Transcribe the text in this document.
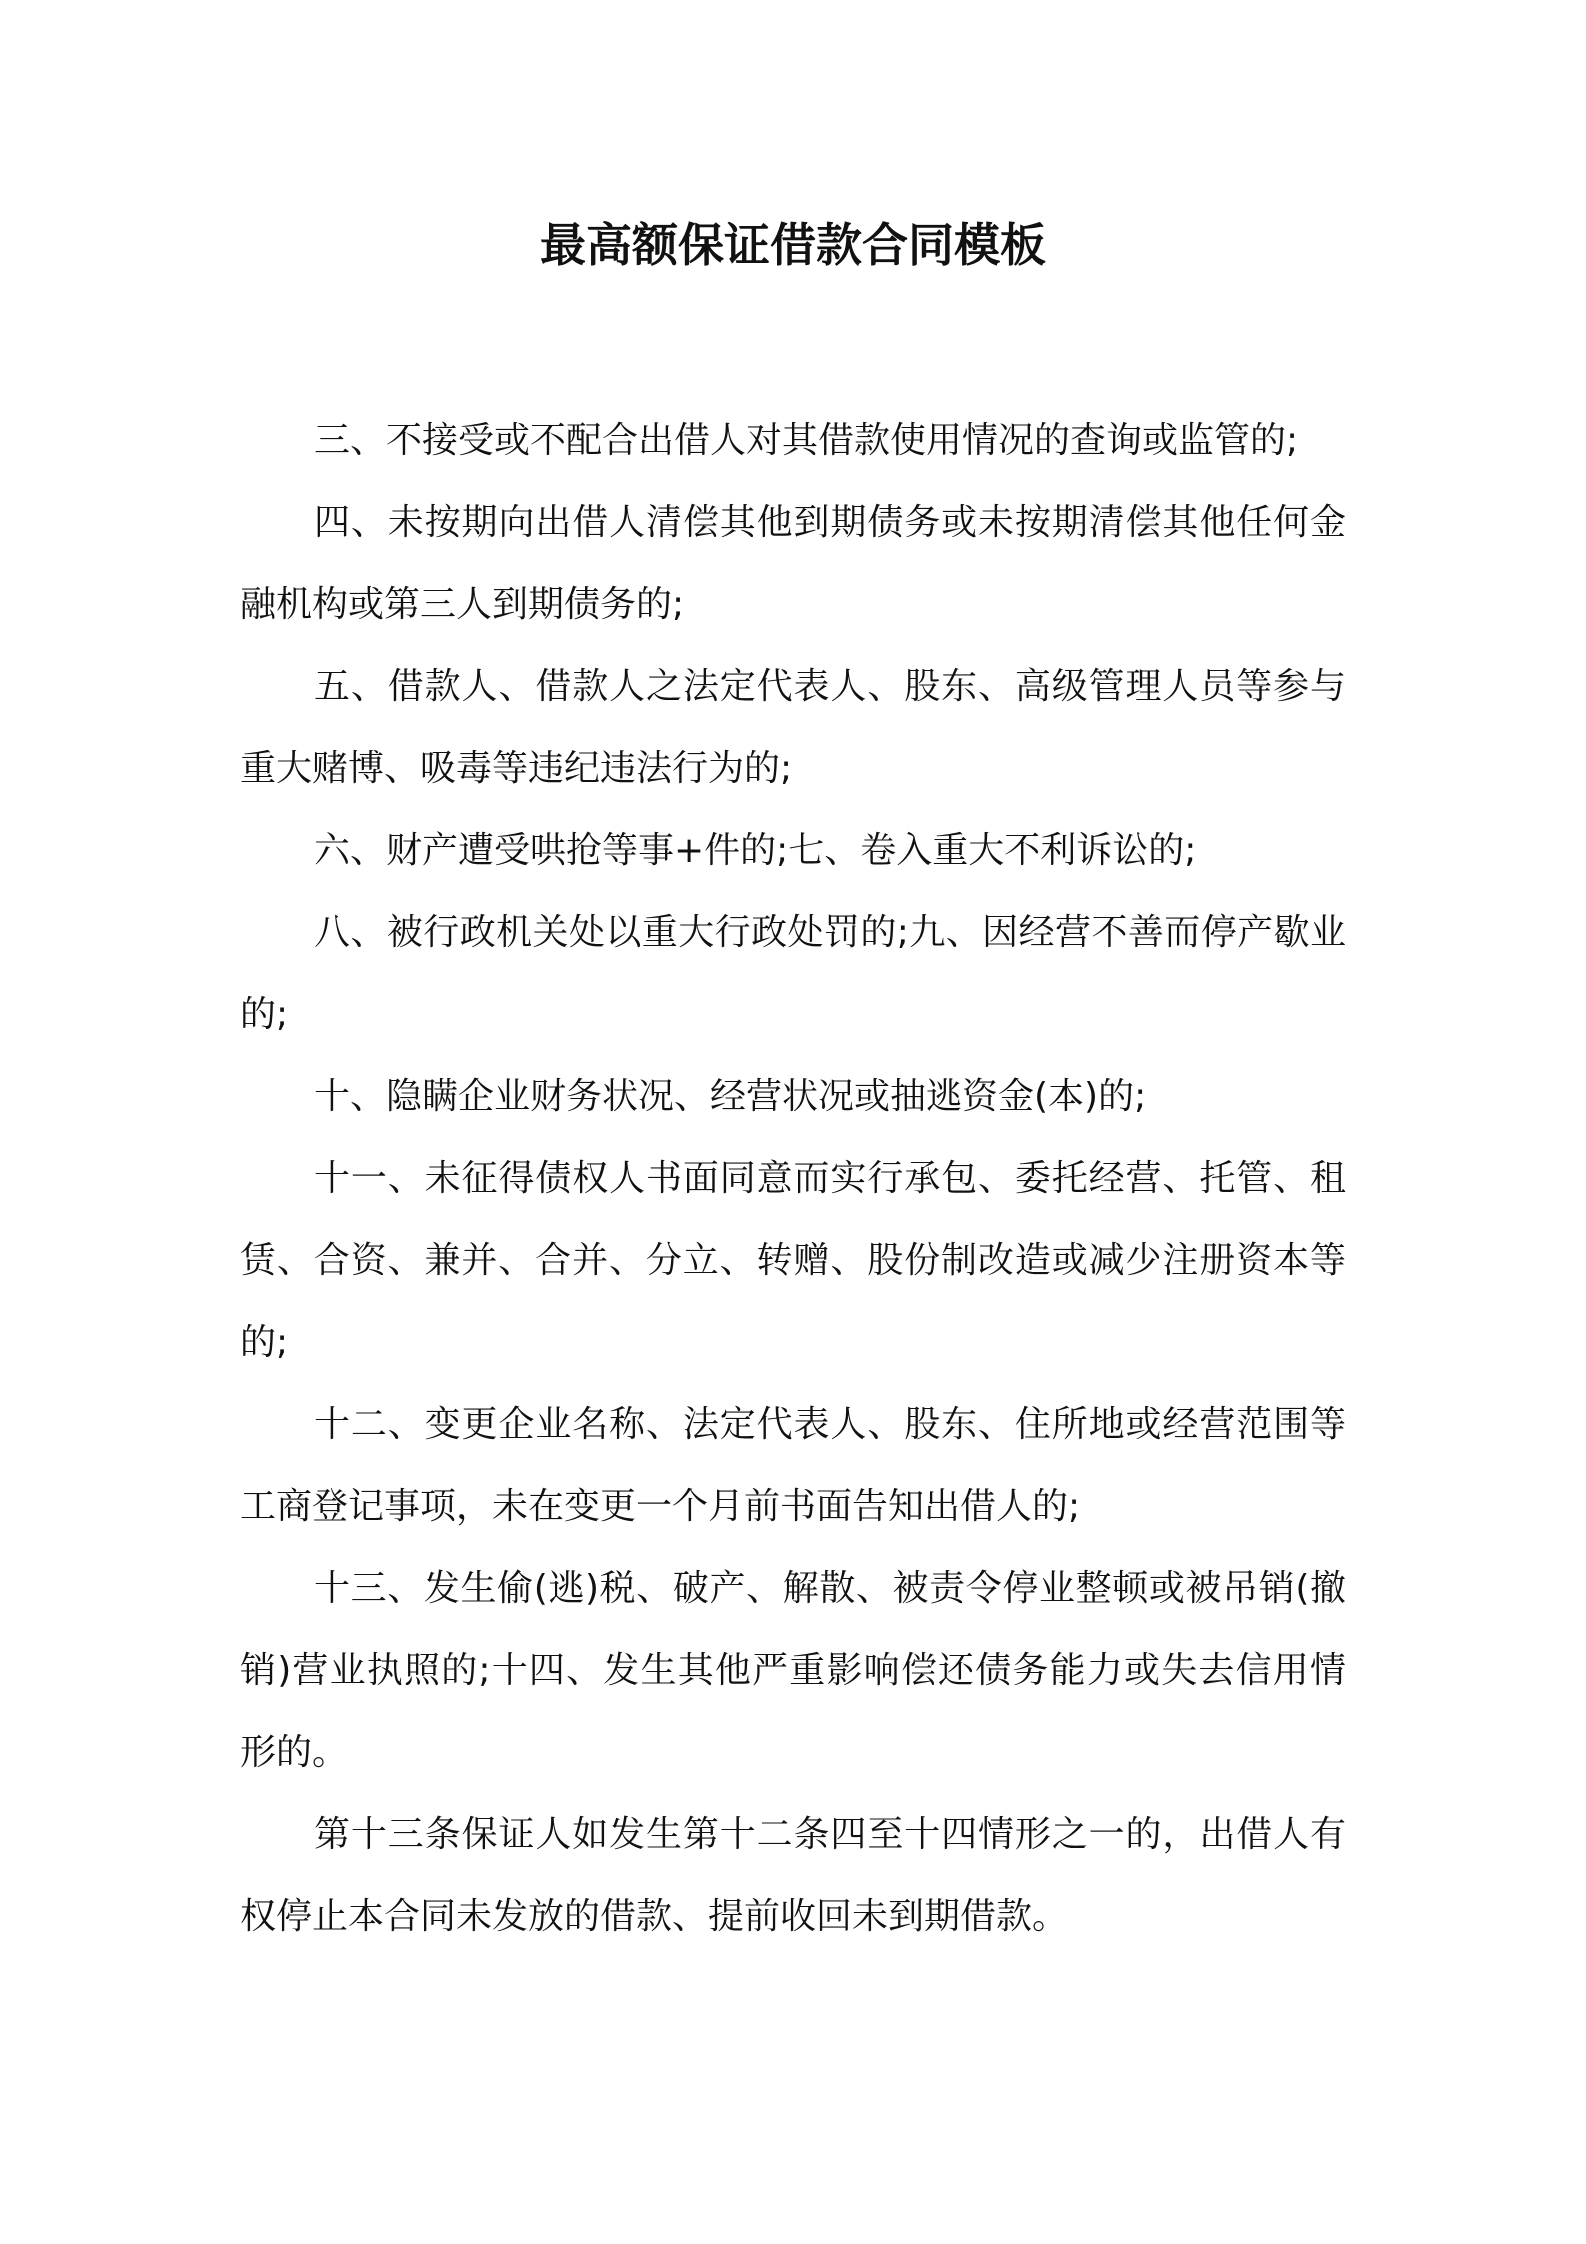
最高额保证借款合同模板

三、不接受或不配合出借人对其借款使用情况的查询或监管的;

四、未按期向出借人清偿其他到期债务或未按期清偿其他任何金融机构或第三人到期债务的;

五、借款人、借款人之法定代表人、股东、高级管理人员等参与重大赌博、吸毒等违纪违法行为的;

六、财产遭受哄抢等事+件的;七、卷入重大不利诉讼的;

八、被行政机关处以重大行政处罚的;九、因经营不善而停产歇业的;

十、隐瞒企业财务状况、经营状况或抽逃资金(本)的;

十一、未征得债权人书面同意而实行承包、委托经营、托管、租赁、合资、兼并、合并、分立、转赠、股份制改造或减少注册资本等的;

十二、变更企业名称、法定代表人、股东、住所地或经营范围等工商登记事项，未在变更一个月前书面告知出借人的;

十三、发生偷(逃)税、破产、解散、被责令停业整顿或被吊销(撤销)营业执照的;十四、发生其他严重影响偿还债务能力或失去信用情形的。

第十三条保证人如发生第十二条四至十四情形之一的，出借人有权停止本合同未发放的借款、提前收回未到期借款。
